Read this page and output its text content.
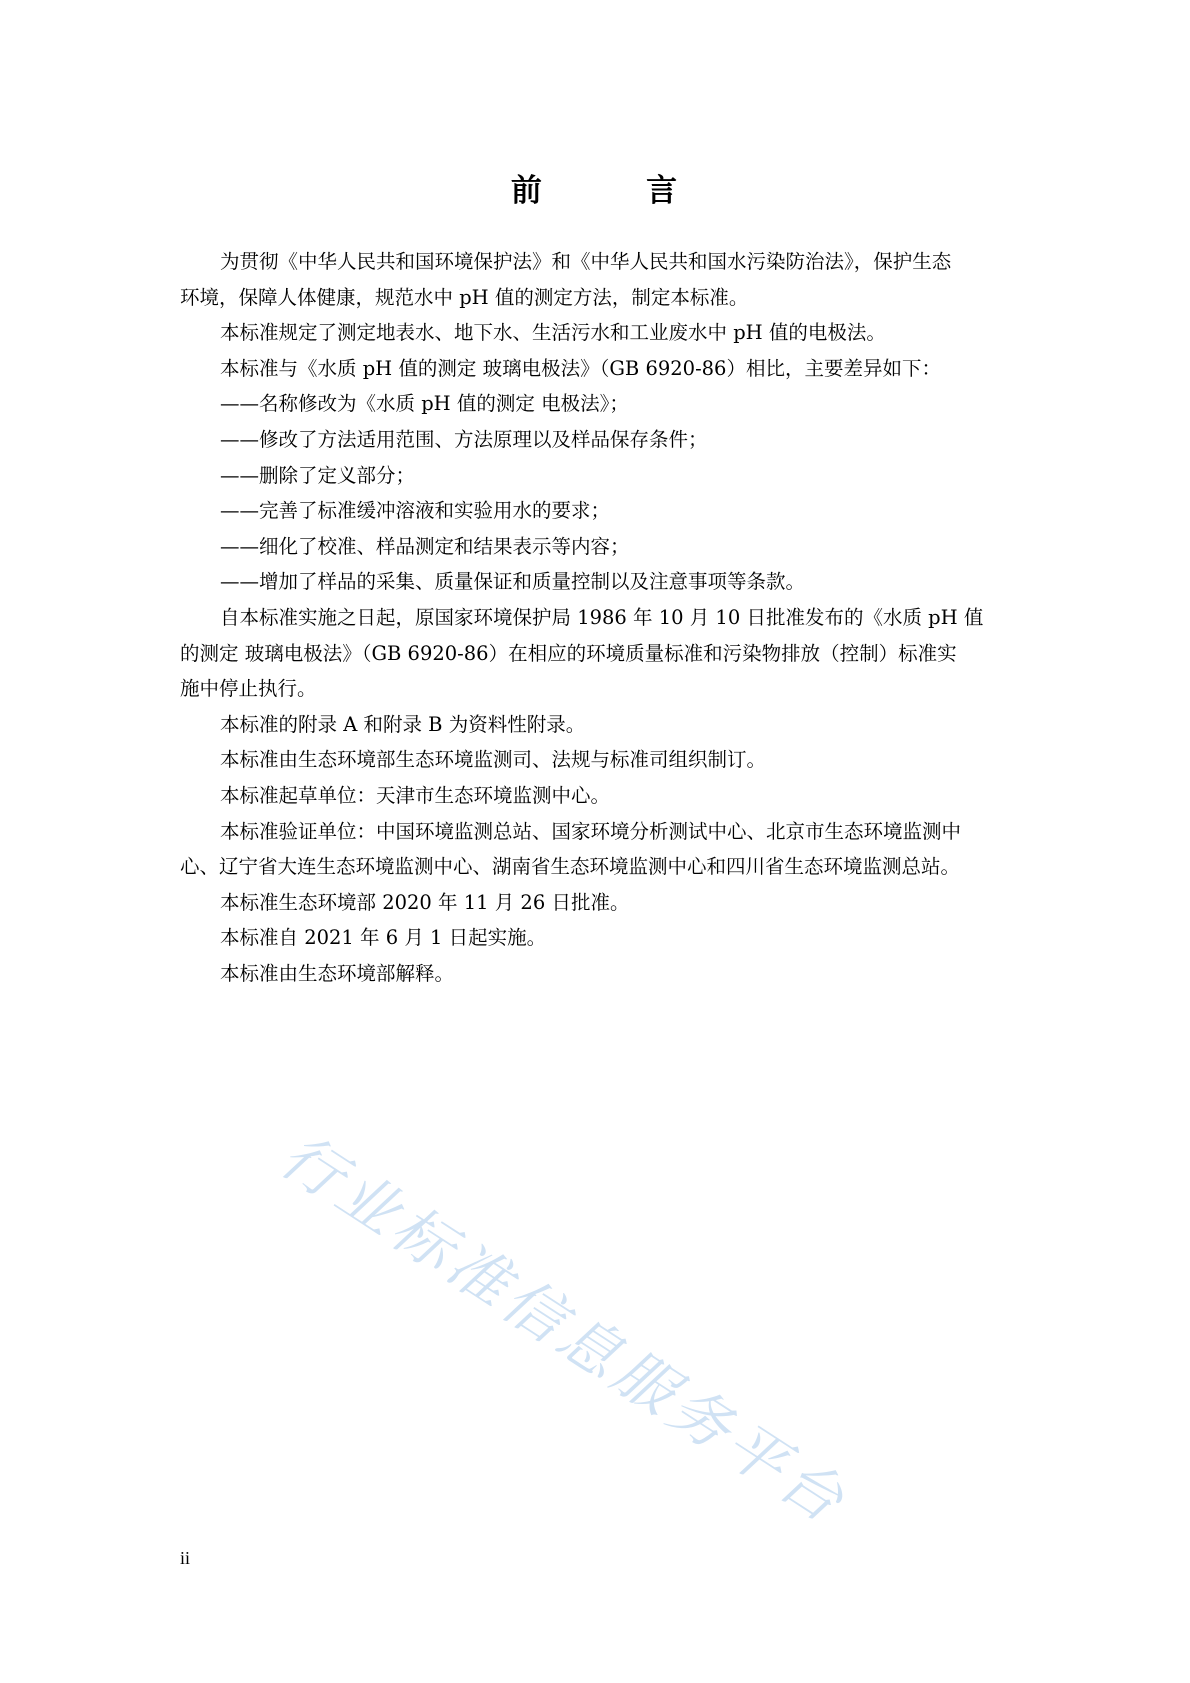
前        言
为贯彻《中华人民共和国环境保护法》和《中华人民共和国水污染防治法》，保护生态
环境，保障人体健康，规范水中 pH 值的测定方法，制定本标准。
本标准规定了测定地表水、地下水、生活污水和工业废水中 pH 值的电极法。
本标准与《水质 pH 值的测定 玻璃电极法》（GB 6920-86）相比，主要差异如下：
——名称修改为《水质 pH 值的测定 电极法》；
——修改了方法适用范围、方法原理以及样品保存条件；
——删除了定义部分；
——完善了标准缓冲溶液和实验用水的要求；
——细化了校准、样品测定和结果表示等内容；
——增加了样品的采集、质量保证和质量控制以及注意事项等条款。
自本标准实施之日起，原国家环境保护局 1986 年 10 月 10 日批准发布的《水质 pH 值
的测定 玻璃电极法》（GB 6920-86）在相应的环境质量标准和污染物排放（控制）标准实
施中停止执行。
本标准的附录 A 和附录 B 为资料性附录。
本标准由生态环境部生态环境监测司、法规与标准司组织制订。
本标准起草单位：天津市生态环境监测中心。
本标准验证单位：中国环境监测总站、国家环境分析测试中心、北京市生态环境监测中
心、辽宁省大连生态环境监测中心、湖南省生态环境监测中心和四川省生态环境监测总站。
本标准生态环境部 2020 年 11 月 26 日批准。
本标准自 2021 年 6 月 1 日起实施。
本标准由生态环境部解释。
行业标准信息服务平台
ii
